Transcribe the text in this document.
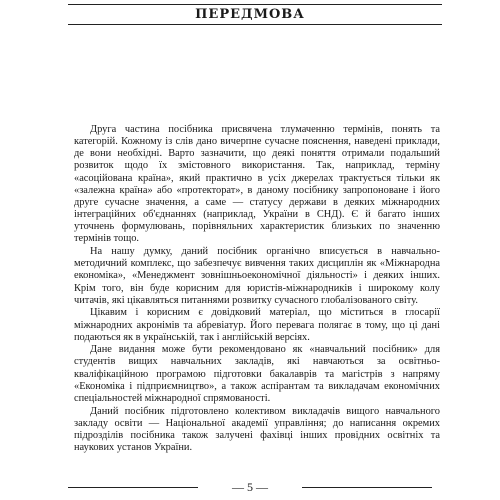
ПЕРЕДМОВА

Друга частина посібника присвячена тлумаченню термінів, понять та категорій. Кожному із слів дано вичерпне сучасне пояснення, наведені приклади, де вони необхідні. Варто зазначити, що деякі поняття отримали подальший розвиток щодо їх змістовного використання. Так, наприклад, терміну «асоційована країна», який практично в усіх джерелах трактується тільки як «залежна країна» або «протекторат», в даному посібнику запропоноване і його друге сучасне значення, а саме — статусу держави в деяких міжнародних інтеграційних об'єднаннях (наприклад, України в СНД). Є й багато інших уточнень формулювань, порівняльних характеристик близьких по значенню термінів тощо.

На нашу думку, даний посібник органічно вписується в навчально-методичний комплекс, що забезпечує вивчення таких дисциплін як «Міжнародна економіка», «Менеджмент зовнішньоекономічної діяльності» і деяких інших. Крім того, він буде корисним для юристів-міжнародників і широкому колу читачів, які цікавляться питаннями розвитку сучасного глобалізованого світу.

Цікавим і корисним є довідковий матеріал, що міститься в глосарії міжнародних акронімів та абревіатур. Його перевага полягає в тому, що ці дані подаються як в українській, так і англійській версіях.

Дане видання може бути рекомендовано як «навчальний посібник» для студентів вищих навчальних закладів, які навчаються за освітньо-кваліфікаційною програмою підготовки бакалаврів та магістрів з напряму «Економіка і підприємництво», а також аспірантам та викладачам економічних спеціальностей міжнародної спрямованості.

Даний посібник підготовлено колективом викладачів вищого навчального закладу освіти — Національної академії управління; до написання окремих підрозділів посібника також залучені фахівці інших провідних освітніх та наукових установ України.

— 5 —
